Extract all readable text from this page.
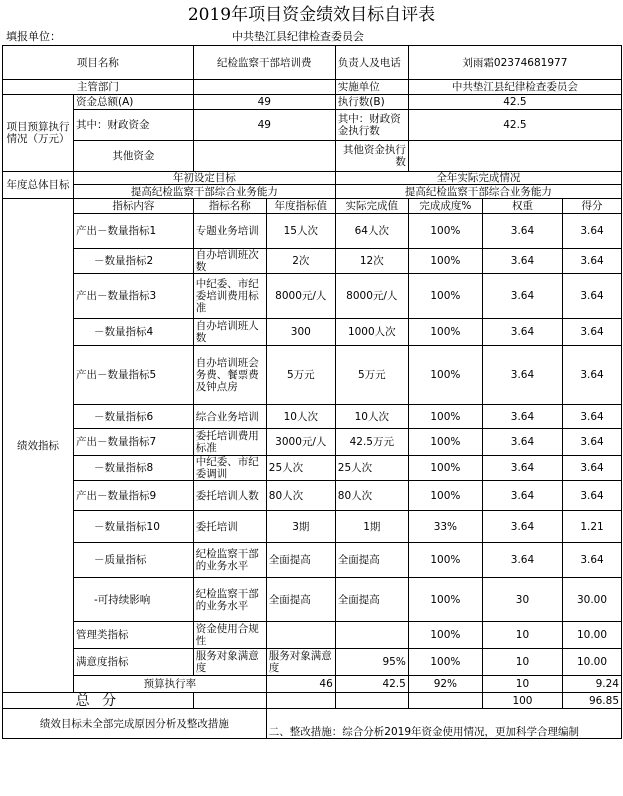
2019年项目资金绩效目标自评表
填报单位：	中共垫江县纪律检查委员会
项目名称		纪检监察干部培训费		负责人及电话	刘雨霜02374681977		
主管部门				实施单位	中共垫江县纪律检查委员会		
项目预算执行情况（万元）	资金总额(A)	49		执行数(B)	42.5		
	其中：财政资金	49		其中：财政资金执行数	42.5		
	其他资金			其他资金执行数			
年度总体目标	年初设定目标			全年实际完成情况			
	提高纪检监察干部综合业务能力			提高纪检监察干部综合业务能力			
绩效指标	指标内容	指标名称	年度指标值	实际完成值	完成成度%	权重	得分
	产出－数量指标1	专题业务培训	15人次	64人次	100%	3.64	3.64
	－数量指标2	自办培训班次数	2次	12次	100%	3.64	3.64
	产出－数量指标3	中纪委、市纪委培训费用标准	8000元/人	8000元/人	100%	3.64	3.64
	－数量指标4	自办培训班人数	300	1000人次	100%	3.64	3.64
	产出－数量指标5	自办培训班会务费、餐票费及钟点房	5万元	5万元	100%	3.64	3.64
	－数量指标6	综合业务培训	10人次	10人次	100%	3.64	3.64
	产出－数量指标7	委托培训费用标准	3000元/人	42.5万元	100%	3.64	3.64
	－数量指标8	中纪委、市纪委调训	25人次	25人次	100%	3.64	3.64
	产出－数量指标9	委托培训人数	80人次	80人次	100%	3.64	3.64
	－数量指标10	委托培训	3期	1期	33%	3.64	1.21
	－质量指标	纪检监察干部的业务水平	全面提高	全面提高	100%	3.64	3.64
	-可持续影响	纪检监察干部的业务水平	全面提高	全面提高	100%	30	30.00
	管理类指标	资金使用合规性			100%	10	10.00
	满意度指标	服务对象满意度	服务对象满意度	95%	100%	10	10.00
	预算执行率		46	42.5	92%	10	9.24
总 分						100	96.85
绩效目标未全部完成原因分析及整改措施			二、整改措施：综合分析2019年资金使用情况，更加科学合理编制				
